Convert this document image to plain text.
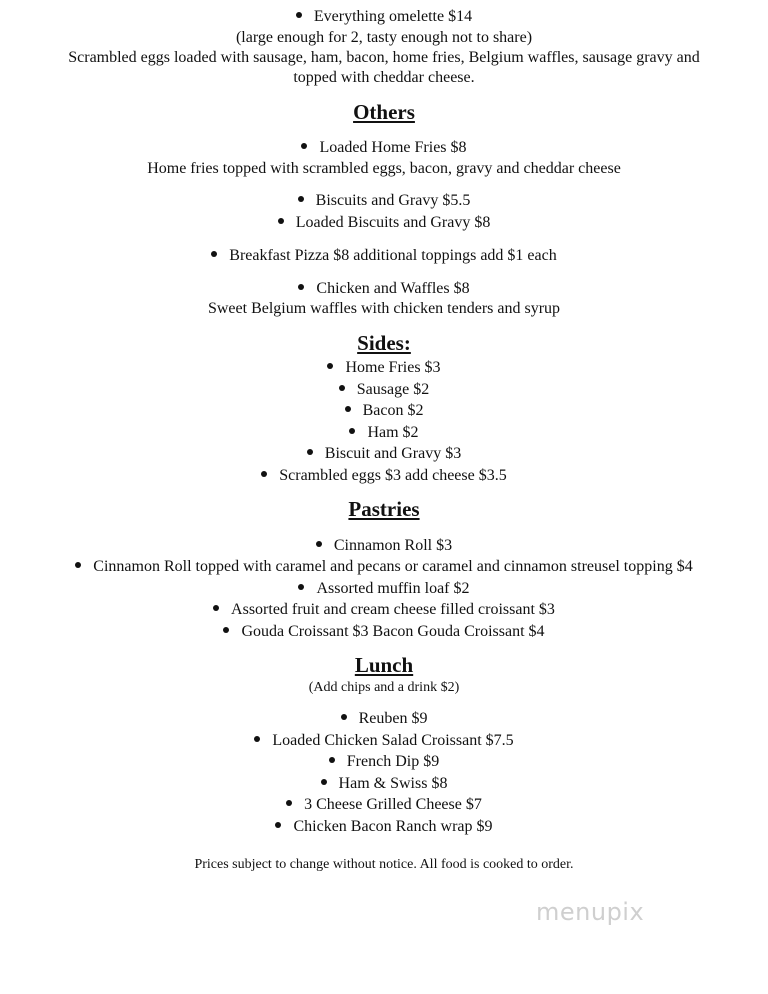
Everything omelette $14
(large enough for 2, tasty enough not to share)
Scrambled eggs loaded with sausage, ham, bacon, home fries, Belgium waffles, sausage gravy and
topped with cheddar cheese.
Others
Loaded Home Fries $8
Home fries topped with scrambled eggs, bacon, gravy and cheddar cheese
Biscuits and Gravy $5.5
Loaded Biscuits and Gravy $8
Breakfast Pizza $8 additional toppings add $1 each
Chicken and Waffles $8
Sweet Belgium waffles with chicken tenders and syrup
Sides:
Home Fries $3
Sausage $2
Bacon $2
Ham $2
Biscuit and Gravy $3
Scrambled eggs $3 add cheese $3.5
Pastries
Cinnamon Roll $3
Cinnamon Roll topped with caramel and pecans or caramel and cinnamon streusel topping $4
Assorted muffin loaf $2
Assorted fruit and cream cheese filled croissant $3
Gouda Croissant $3 Bacon Gouda Croissant $4
Lunch
(Add chips and a drink $2)
Reuben $9
Loaded Chicken Salad Croissant $7.5
French Dip $9
Ham & Swiss $8
3 Cheese Grilled Cheese $7
Chicken Bacon Ranch wrap $9
Prices subject to change without notice. All food is cooked to order.
menupix
